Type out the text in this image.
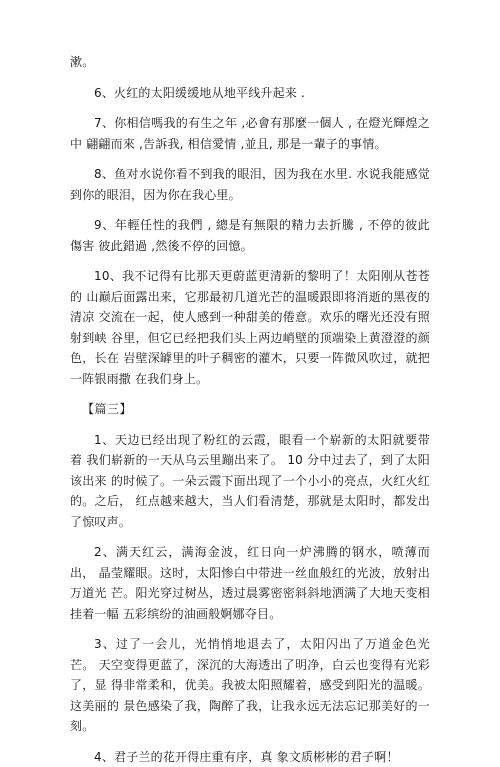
漱。

6、火红的太阳缓缓地从地平线升起来 .

7、你相信嗎我的有生之年 ,必會有那麼一個人 , 在燈光輝煌之中 翩翩而來 ,告訴我, 相信愛情 ,並且, 那是一輩子的事情。

8、鱼对水说你看不到我的眼泪，因为我在水里. 水说我能感觉 到你的眼泪，因为你在我心里。

9、年輕任性的我們 , 總是有無限的精力去折騰 , 不停的彼此傷害 彼此錯過 ,然後不停的回憶。

10、我不记得有比那天更蔚蓝更清新的黎明了！太阳刚从苍苍的 山巅后面露出来，它那最初几道光芒的温暖跟即将消逝的黑夜的清凉 交流在一起，使人感到一种甜美的倦意。欢乐的曙光还没有照射到峡 谷里，但它已经把我们头上两边峭壁的顶端染上黄澄澄的颜色，长在 岩壁深罅里的叶子稠密的灌木，只要一阵微风吹过，就把一阵银雨撒 在我们身上。

【篇三】

1、天边已经出现了粉红的云霞，眼看一个崭新的太阳就要带着 我们崭新的一天从乌云里蹦出来了。 10 分中过去了，到了太阳该出来 的时候了。一朵云霞下面出现了一个小小的亮点，火红火红的。之后， 红点越来越大，当人们看清楚，那就是太阳时，都发出了惊叹声。

2、满天红云，满海金波，红日向一炉沸腾的钢水，喷薄而出， 晶莹耀眼。这时，太阳惨白中带进一丝血般红的光波，放射出万道光 芒。阳光穿过树丛，透过晨雾密密斜斜地洒满了大地天变相挂着一幅 五彩缤纷的油画般婀娜夺目。

3、过了一会儿，光悄悄地退去了，太阳闪出了万道金色光芒。 天空变得更蓝了，深沉的大海透出了明净，白云也变得有光彩了，显 得非常柔和，优美。我被太阳照耀着，感受到阳光的温暖。这美丽的 景色感染了我，陶醉了我，让我永远无法忘记那美好的一刻。

4、君子兰的花开得庄重有序，真 象文质彬彬的君子啊！
